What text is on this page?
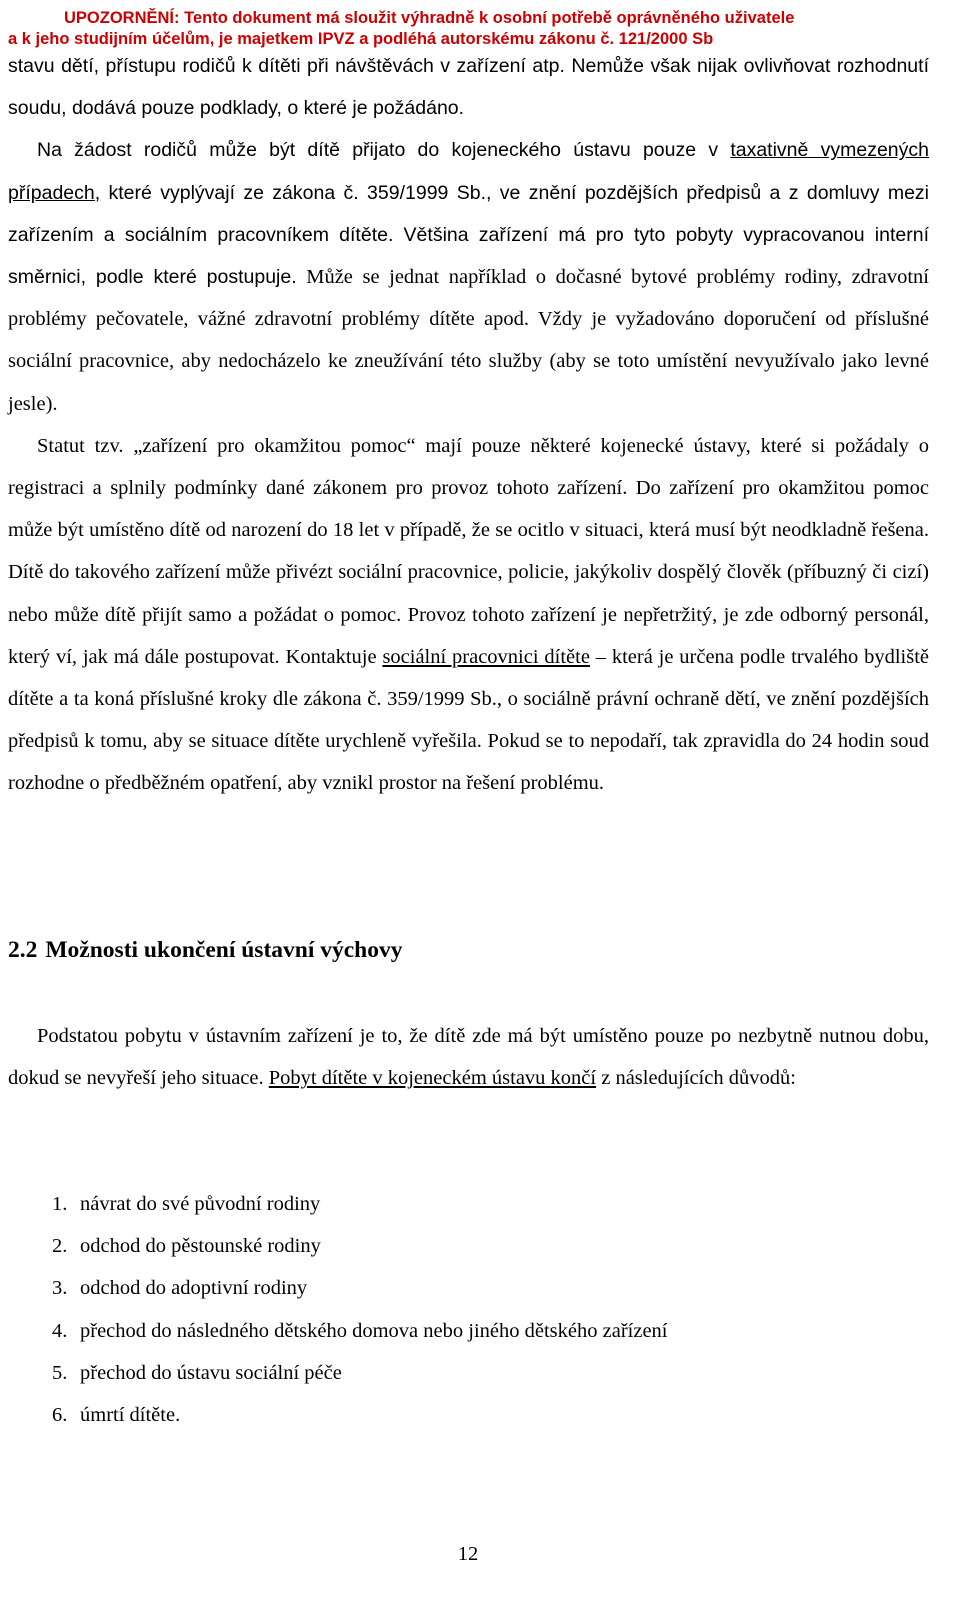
UPOZORNĚNÍ: Tento dokument má sloužit výhradně k osobní potřebě oprávněného uživatele
a k jeho studijním účelům, je majetkem IPVZ a podléhá autorskému zákonu č. 121/2000 Sb

stavu dětí, přístupu rodičů k dítěti při návštěvách v zařízení atp. Nemůže však nijak ovlivňovat rozhodnutí soudu, dodává pouze podklady, o které je požádáno.

Na žádost rodičů může být dítě přijato do kojeneckého ústavu pouze v taxativně vymezených případech, které vyplývají ze zákona č. 359/1999 Sb., ve znění pozdějších předpisů a z domluvy mezi zařízením a sociálním pracovníkem dítěte. Většina zařízení má pro tyto pobyty vypracovanou interní směrnici, podle které postupuje. Může se jednat například o dočasné bytové problémy rodiny, zdravotní problémy pečovatele, vážné zdravotní problémy dítěte apod. Vždy je vyžadováno doporučení od příslušné sociální pracovnice, aby nedocházelo ke zneužívání této služby (aby se toto umístění nevyužívalo jako levné jesle).

Statut tzv. „zařízení pro okamžitou pomoc“ mají pouze některé kojenecké ústavy, které si požádaly o registraci a splnily podmínky dané zákonem pro provoz tohoto zařízení. Do zařízení pro okamžitou pomoc může být umístěno dítě od narození do 18 let v případě, že se ocitlo v situaci, která musí být neodkladně řešena. Dítě do takového zařízení může přivézt sociální pracovnice, policie, jakýkoliv dospělý člověk (příbuzný či cizí) nebo může dítě přijít samo a požádat o pomoc. Provoz tohoto zařízení je nepřetržitý, je zde odborný personál, který ví, jak má dále postupovat. Kontaktuje sociální pracovnici dítěte – která je určena podle trvalého bydliště dítěte a ta koná příslušné kroky dle zákona č. 359/1999 Sb., o sociálně právní ochraně dětí, ve znění pozdějších předpisů k tomu, aby se situace dítěte urychleně vyřešila. Pokud se to nepodaří, tak zpravidla do 24 hodin soud rozhodne o předběžném opatření, aby vznikl prostor na řešení problému.

2.2 Možnosti ukončení ústavní výchovy

Podstatou pobytu v ústavním zařízení je to, že dítě zde má být umístěno pouze po nezbytně nutnou dobu, dokud se nevyřeší jeho situace. Pobyt dítěte v kojeneckém ústavu končí z následujících důvodů:

1. návrat do své původní rodiny
2. odchod do pěstounské rodiny
3. odchod do adoptivní rodiny
4. přechod do následného dětského domova nebo jiného dětského zařízení
5. přechod do ústavu sociální péče
6. úmrtí dítěte.
12
